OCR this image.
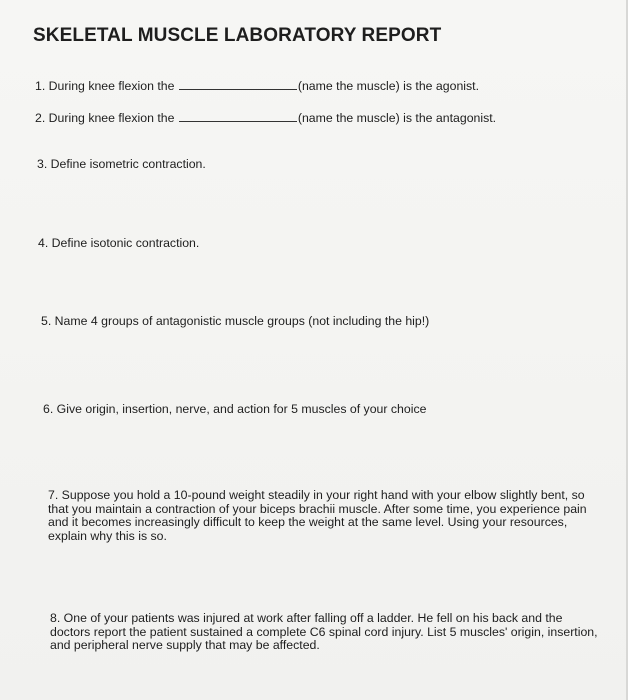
SKELETAL MUSCLE LABORATORY REPORT
1. During knee flexion the	(name the muscle) is the agonist.
2. During knee flexion the	(name the muscle) is the antagonist.
3. Define isometric contraction.
4. Define isotonic contraction.
5. Name 4 groups of antagonistic muscle groups (not including the hip!)
6. Give origin, insertion, nerve, and action for 5 muscles of your choice
7. Suppose you hold a 10-pound weight steadily in your right hand with your elbow slightly bent, so that you maintain a contraction of your biceps brachii muscle. After some time, you experience pain and it becomes increasingly difficult to keep the weight at the same level. Using your resources, explain why this is so.
8. One of your patients was injured at work after falling off a ladder. He fell on his back and the doctors report the patient sustained a complete C6 spinal cord injury. List 5 muscles' origin, insertion, and peripheral nerve supply that may be affected.
